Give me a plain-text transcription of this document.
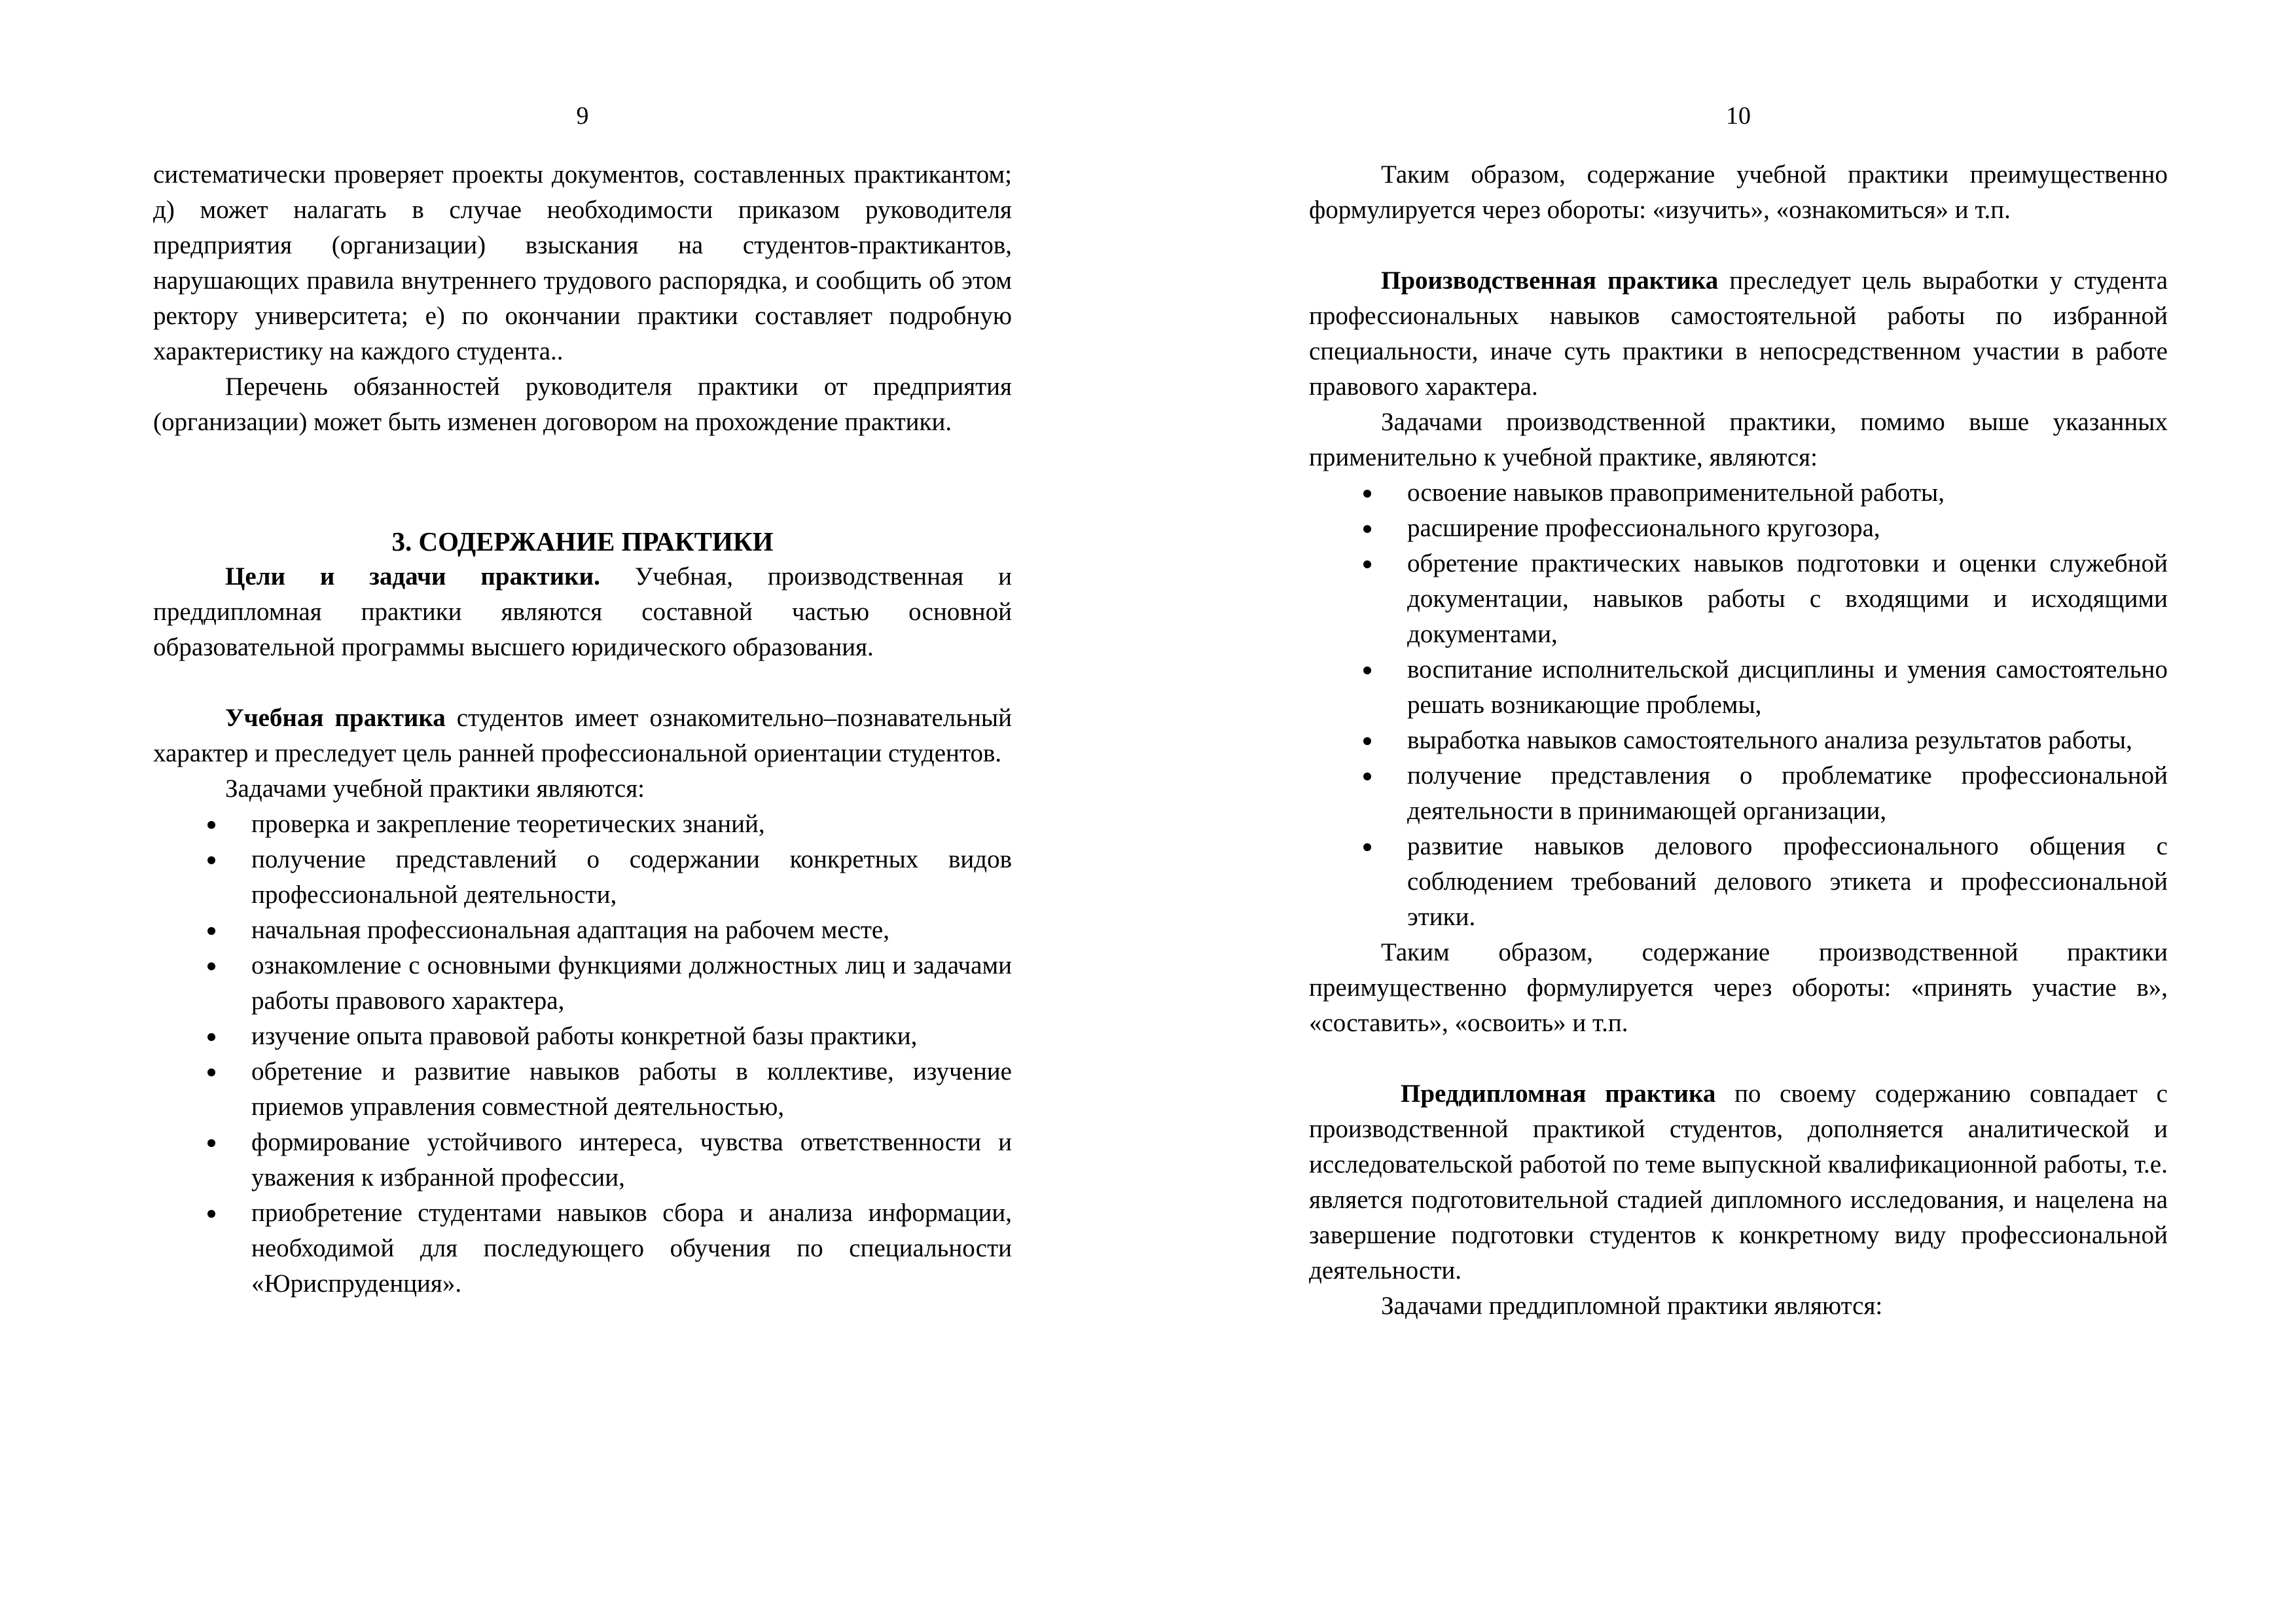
9

систематически проверяет проекты документов, составленных практикантом; д) может налагать в случае необходимости приказом руководителя предприятия (организации) взыскания на студентов-практикантов, нарушающих правила внутреннего трудового распорядка, и сообщить об этом ректору университета; е) по окончании практики составляет подробную характеристику на каждого студента..

Перечень обязанностей руководителя практики от предприятия (организации) может быть изменен договором на прохождение практики.

3. СОДЕРЖАНИЕ ПРАКТИКИ

Цели и задачи практики. Учебная, производственная и преддипломная практики являются составной частью основной образовательной программы высшего юридического образования.

Учебная практика студентов имеет ознакомительно–познавательный характер и преследует цель ранней профессиональной ориентации студентов.

Задачами учебной практики являются:

проверка и закрепление теоретических знаний,
получение представлений о содержании конкретных видов профессиональной деятельности,
начальная профессиональная адаптация на рабочем месте,
ознакомление с основными функциями должностных лиц и задачами работы правового характера,
изучение опыта правовой работы конкретной базы практики,
обретение и развитие навыков работы в коллективе, изучение приемов управления совместной деятельностью,
формирование устойчивого интереса, чувства ответственности и уважения к избранной профессии,
приобретение студентами навыков сбора и анализа информации, необходимой для последующего обучения по специальности «Юриспруденция».
10

Таким образом, содержание учебной практики преимущественно формулируется через обороты: «изучить», «ознакомиться» и т.п.

Производственная практика преследует цель выработки у студента профессиональных навыков самостоятельной работы по избранной специальности, иначе суть практики в непосредственном участии в работе правового характера.

Задачами производственной практики, помимо выше указанных применительно к учебной практике, являются:

освоение навыков правоприменительной работы,
расширение профессионального кругозора,
обретение практических навыков подготовки и оценки служебной документации, навыков работы с входящими и исходящими документами,
воспитание исполнительской дисциплины и умения самостоятельно решать возникающие проблемы,
выработка навыков самостоятельного анализа результатов работы,
получение представления о проблематике профессиональной деятельности в принимающей организации,
развитие навыков делового профессионального общения с соблюдением требований делового этикета и профессиональной этики.

Таким образом, содержание производственной практики преимущественно формулируется через обороты: «принять участие в», «составить», «освоить» и т.п.

Преддипломная практика по своему содержанию совпадает с производственной практикой студентов, дополняется аналитической и исследовательской работой по теме выпускной квалификационной работы, т.е. является подготовительной стадией дипломного исследования, и нацелена на завершение подготовки студентов к конкретному виду профессиональной деятельности.

Задачами преддипломной практики являются:
